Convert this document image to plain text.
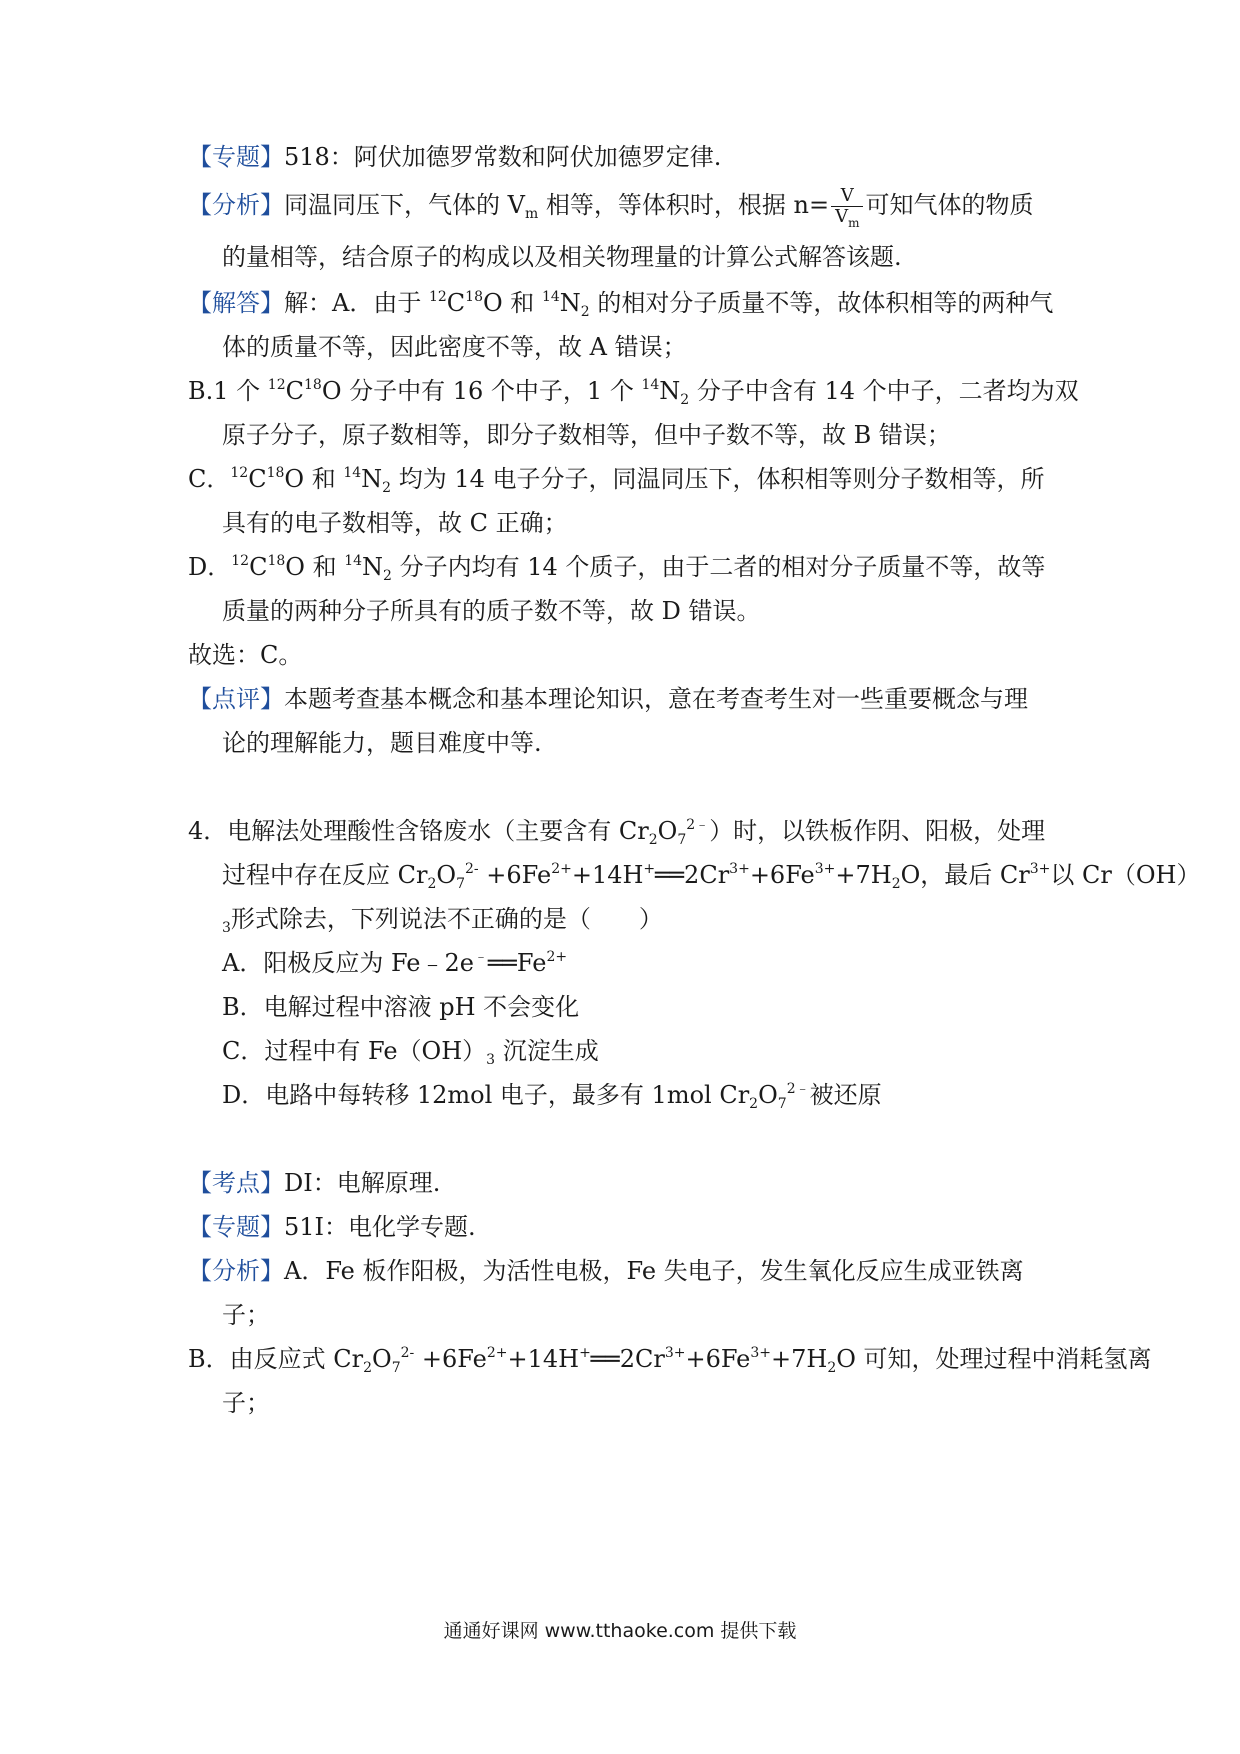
【专题】518：阿伏加德罗常数和阿伏加德罗定律.
【分析】同温同压下，气体的 $V_m$ 相等，等体积时，根据 $n= \frac{V}{V_m}$ 可知气体的物质
的量相等，结合原子的构成以及相关物理量的计算公式解答该题.
【解答】解：A．由于 $^{12}C^{18}O$ 和 $^{14}N_2$ 的相对分子质量不等，故体积相等的两种气
体的质量不等，因此密度不等，故 A 错误；
B.1 个 $^{12}C^{18}O$ 分子中有 16 个中子，1 个 $^{14}N_2$ 分子中含有 14 个中子，二者均为双
原子分子，原子数相等，即分子数相等，但中子数不等，故 B 错误；
C．$^{12}C^{18}O$ 和 $^{14}N_2$ 均为 14 电子分子，同温同压下，体积相等则分子数相等，所
具有的电子数相等，故 C 正确；
D．$^{12}C^{18}O$ 和 $^{14}N_2$ 分子内均有 14 个质子，由于二者的相对分子质量不等，故等
质量的两种分子所具有的质子数不等，故 D 错误。
故选：C。
【点评】本题考查基本概念和基本理论知识，意在考查考生对一些重要概念与理
论的理解能力，题目难度中等.
4．电解法处理酸性含铬废水（主要含有 $Cr_2O_7^{2﹣}$）时，以铁板作阴、阳极，处理
过程中存在反应 $Cr_2O_7^{2-}$ $+6Fe^{2+}+14H^+══2Cr^{3+}+6Fe^{3+}+7H_2O$，最后 $Cr^{3+}$以 Cr（OH）
$_3$形式除去，下列说法不正确的是（　　）
A．阳极反应为 $Fe﹣2e^﹣══Fe^{2+}$
B．电解过程中溶液 pH 不会变化
C．过程中有 $Fe(OH)_3$ 沉淀生成
D．电路中每转移 12mol 电子，最多有 1mol $Cr_2O_7^{2﹣}$被还原
【考点】DI：电解原理.
【专题】51I：电化学专题.
【分析】A．Fe 板作阳极，为活性电极，Fe 失电子，发生氧化反应生成亚铁离
子；
B．由反应式 $Cr_2O_7^{2-}$ $+6Fe^{2+}+14H^+══2Cr^{3+}+6Fe^{3+}+7H_2O$ 可知，处理过程中消耗氢离
子；
通通好课网 www.tthaoke.com 提供下载
